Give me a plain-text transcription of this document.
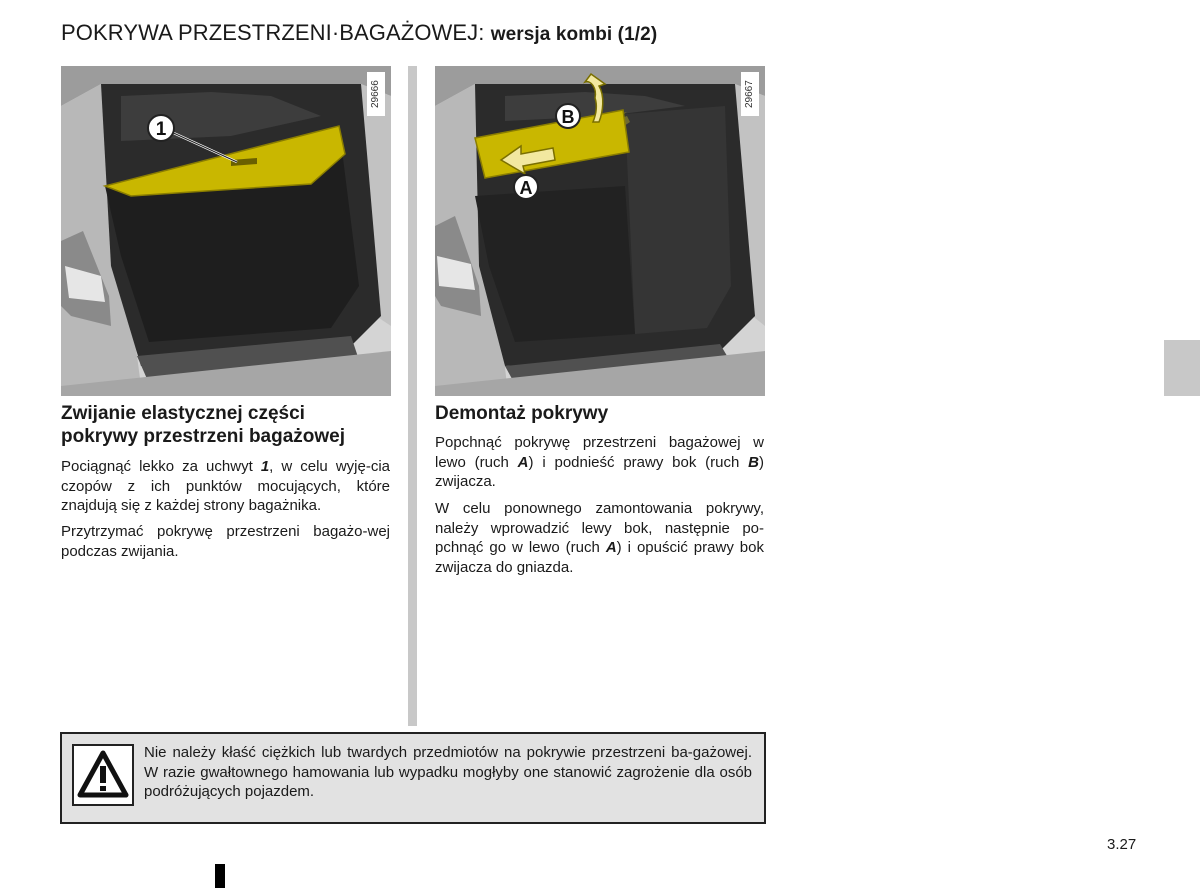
POKRYWA PRZESTRZENI·BAGAŻOWEJ: wersja kombi (1/2)
1
29666
B
A
29667
Zwijanie elastycznej części
pokrywy przestrzeni bagażowej

Pociągnąć lekko za uchwyt 1, w celu wyję-cia czopów z ich punktów mocujących, które znajdują się z każdej strony bagażnika.

Przytrzymać pokrywę przestrzeni bagażo-wej podczas zwijania.

Demontaż pokrywy

Popchnąć pokrywę przestrzeni bagażowej w lewo (ruch A) i podnieść prawy bok (ruch B) zwijacza.

W celu ponownego zamontowania pokrywy, należy wprowadzić lewy bok, następnie po-pchnąć go w lewo (ruch A) i opuścić prawy bok zwijacza do gniazda.

Nie należy kłaść ciężkich lub twardych przedmiotów na pokrywie przestrzeni ba-gażowej. W razie gwałtownego hamowania lub wypadku mogłyby one stanowić zagrożenie dla osób podróżujących pojazdem.

3.27
